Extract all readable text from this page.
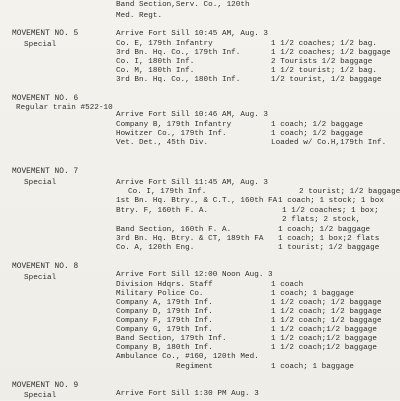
Band Section,Serv. Co., 120th
Med. Regt.
MOVEMENT NO. 5
Special
Arrive Fort Sill 10:45 AM, Aug. 3
Co. E, 179th Infantry	1 1/2 coaches; 1/2 bag.
3rd Bn. Hq. Co., 179th Inf.	1 1/2 coaches; 1/2 baggage
Co. I, 180th Inf.	2 Tourists 1/2 baggage
Co. M, 180th Inf.	1 1/2 tourist; 1/2 bag.
3rd Bn. Hq. Co., 180th Inf.	1/2 tourist, 1/2 baggage
MOVEMENT NO. 6
Regular train #522-10
Arrive Fort Sill 10:46 AM, Aug. 3
Company B, 179th Infantry	1 coach; 1/2 baggage
Howitzer Co., 179th Inf.	1 coach; 1/2 baggage
Vet. Det., 45th Div.	Loaded w/ Co.H,179th Inf.
MOVEMENT NO. 7
Special	Arrive Fort Sill 11:45 AM, Aug. 3
Co. I, 179th Inf.	2 tourist; 1/2 baggage
1st Bn. Hq. Btry., & C.T., 160th FA 1 coach; 1 stock; 1 box
Btry. F, 160th F. A.	1 1/2 coaches; 1 box;
2 flats; 2 stock,
Band Section, 160th F. A.	1 coach; 1/2 baggage
3rd Bn. Hq. Btry. & CT, 189th FA 1 coach; 1 box;2 flats
Co. A, 120th Eng.	1 tourist; 1/2 baggage
MOVEMENT NO. 8
Special	Arrive Fort Sill 12:00 Noon Aug. 3
Division Hdqrs. Staff	1 coach
Military Police Co.	1 coach; 1 baggage
Company A, 179th Inf.	1 1/2 coach; 1/2 baggage
Company D, 179th Inf.	1 1/2 coach; 1/2 baggage
Company F, 179th Inf.	1 1/2 coach; 1/2 baggage
Company G, 179th Inf.	1 1/2 coach;1/2 baggage
Band Section, 179th Inf.	1 1/2 coach;1/2 baggage
Company B, 180th Inf.	1 1/2 coach;1/2 baggage
Ambulance Co., #160, 120th Med.
Regiment	1 coach; 1 baggage
MOVEMENT NO. 9
Special	Arrive Fort Sill 1:30 PM Aug. 3
